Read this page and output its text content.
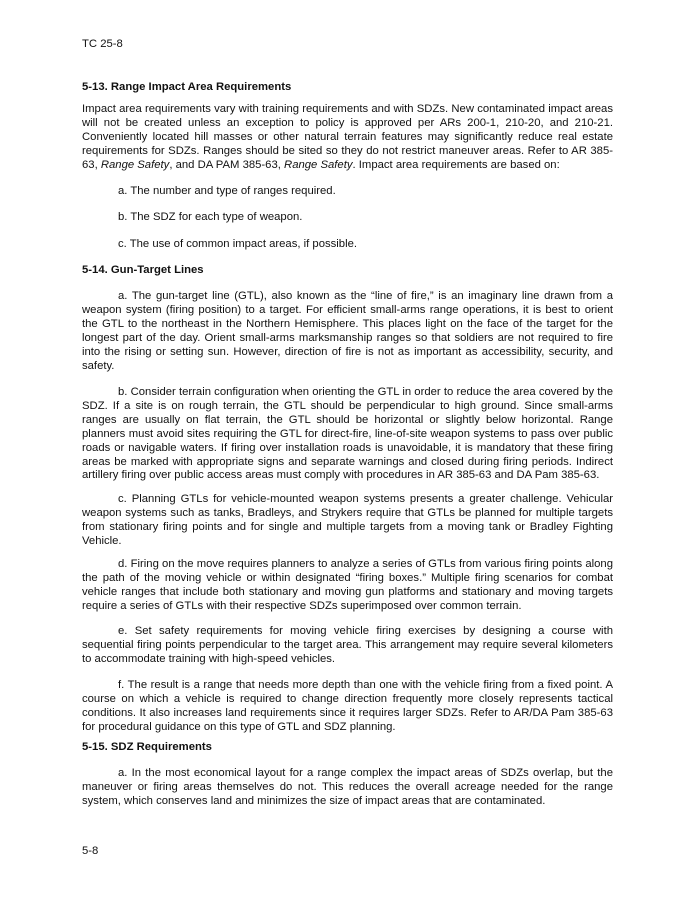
TC 25-8
5-13. Range Impact Area Requirements
Impact area requirements vary with training requirements and with SDZs. New contaminated impact areas will not be created unless an exception to policy is approved per ARs 200-1, 210-20, and 210-21. Conveniently located hill masses or other natural terrain features may significantly reduce real estate requirements for SDZs. Ranges should be sited so they do not restrict maneuver areas. Refer to AR 385-63, Range Safety, and DA PAM 385-63, Range Safety. Impact area requirements are based on:
a. The number and type of ranges required.
b. The SDZ for each type of weapon.
c. The use of common impact areas, if possible.
5-14. Gun-Target Lines
a. The gun-target line (GTL), also known as the “line of fire,” is an imaginary line drawn from a weapon system (firing position) to a target. For efficient small-arms range operations, it is best to orient the GTL to the northeast in the Northern Hemisphere. This places light on the face of the target for the longest part of the day. Orient small-arms marksmanship ranges so that soldiers are not required to fire into the rising or setting sun. However, direction of fire is not as important as accessibility, security, and safety.
b. Consider terrain configuration when orienting the GTL in order to reduce the area covered by the SDZ. If a site is on rough terrain, the GTL should be perpendicular to high ground. Since small-arms ranges are usually on flat terrain, the GTL should be horizontal or slightly below horizontal. Range planners must avoid sites requiring the GTL for direct-fire, line-of-site weapon systems to pass over public roads or navigable waters. If firing over installation roads is unavoidable, it is mandatory that these firing areas be marked with appropriate signs and separate warnings and closed during firing periods. Indirect artillery firing over public access areas must comply with procedures in AR 385-63 and DA Pam 385-63.
c. Planning GTLs for vehicle-mounted weapon systems presents a greater challenge. Vehicular weapon systems such as tanks, Bradleys, and Strykers require that GTLs be planned for multiple targets from stationary firing points and for single and multiple targets from a moving tank or Bradley Fighting Vehicle.
d. Firing on the move requires planners to analyze a series of GTLs from various firing points along the path of the moving vehicle or within designated “firing boxes.” Multiple firing scenarios for combat vehicle ranges that include both stationary and moving gun platforms and stationary and moving targets require a series of GTLs with their respective SDZs superimposed over common terrain.
e. Set safety requirements for moving vehicle firing exercises by designing a course with sequential firing points perpendicular to the target area. This arrangement may require several kilometers to accommodate training with high-speed vehicles.
f. The result is a range that needs more depth than one with the vehicle firing from a fixed point. A course on which a vehicle is required to change direction frequently more closely represents tactical conditions. It also increases land requirements since it requires larger SDZs. Refer to AR/DA Pam 385-63 for procedural guidance on this type of GTL and SDZ planning.
5-15. SDZ Requirements
a. In the most economical layout for a range complex the impact areas of SDZs overlap, but the maneuver or firing areas themselves do not. This reduces the overall acreage needed for the range system, which conserves land and minimizes the size of impact areas that are contaminated.
5-8
